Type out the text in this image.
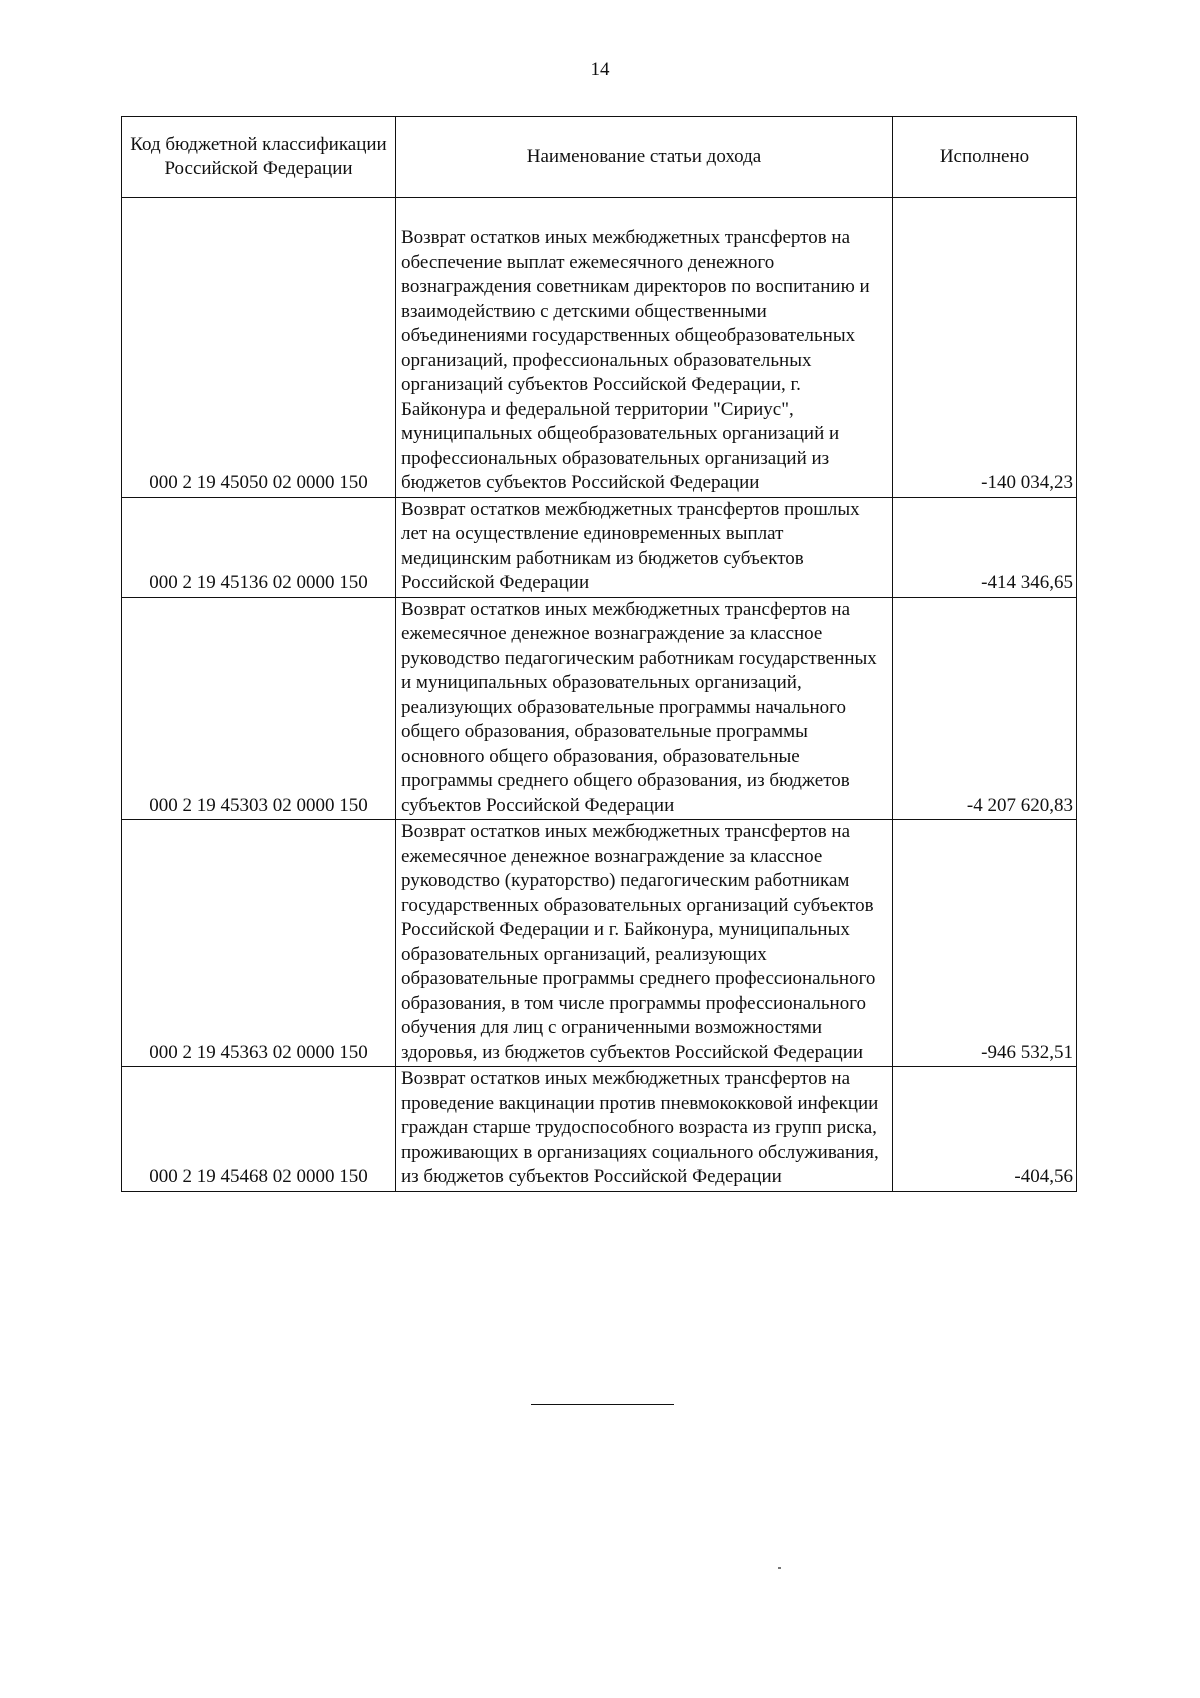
14
Код бюджетной классификации Российской Федерации	Наименование статьи дохода	Исполнено
000 2 19 45050 02 0000 150	Возврат остатков иных межбюджетных трансфертов на обеспечение выплат ежемесячного денежного вознаграждения советникам директоров по воспитанию и взаимодействию с детскими общественными объединениями государственных общеобразовательных организаций, профессиональных образовательных организаций субъектов Российской Федерации, г. Байконура и федеральной территории "Сириус", муниципальных общеобразовательных организаций и профессиональных образовательных организаций из бюджетов субъектов Российской Федерации	-140 034,23
000 2 19 45136 02 0000 150	Возврат остатков межбюджетных трансфертов прошлых лет на осуществление единовременных выплат медицинским работникам из бюджетов субъектов Российской Федерации	-414 346,65
000 2 19 45303 02 0000 150	Возврат остатков иных межбюджетных трансфертов на ежемесячное денежное вознаграждение за классное руководство педагогическим работникам государственных и муниципальных образовательных организаций, реализующих образовательные программы начального общего образования, образовательные программы основного общего образования, образовательные программы среднего общего образования, из бюджетов субъектов Российской Федерации	-4 207 620,83
000 2 19 45363 02 0000 150	Возврат остатков иных межбюджетных трансфертов на ежемесячное денежное вознаграждение за классное руководство (кураторство) педагогическим работникам государственных образовательных организаций субъектов Российской Федерации и г. Байконура, муниципальных образовательных организаций, реализующих образовательные программы среднего профессионального образования, в том числе программы профессионального обучения для лиц с ограниченными возможностями здоровья, из бюджетов субъектов Российской Федерации	-946 532,51
000 2 19 45468 02 0000 150	Возврат остатков иных межбюджетных трансфертов на проведение вакцинации против пневмококковой инфекции граждан старше трудоспособного возраста из групп риска, проживающих в организациях социального обслуживания, из бюджетов субъектов Российской Федерации	-404,56
